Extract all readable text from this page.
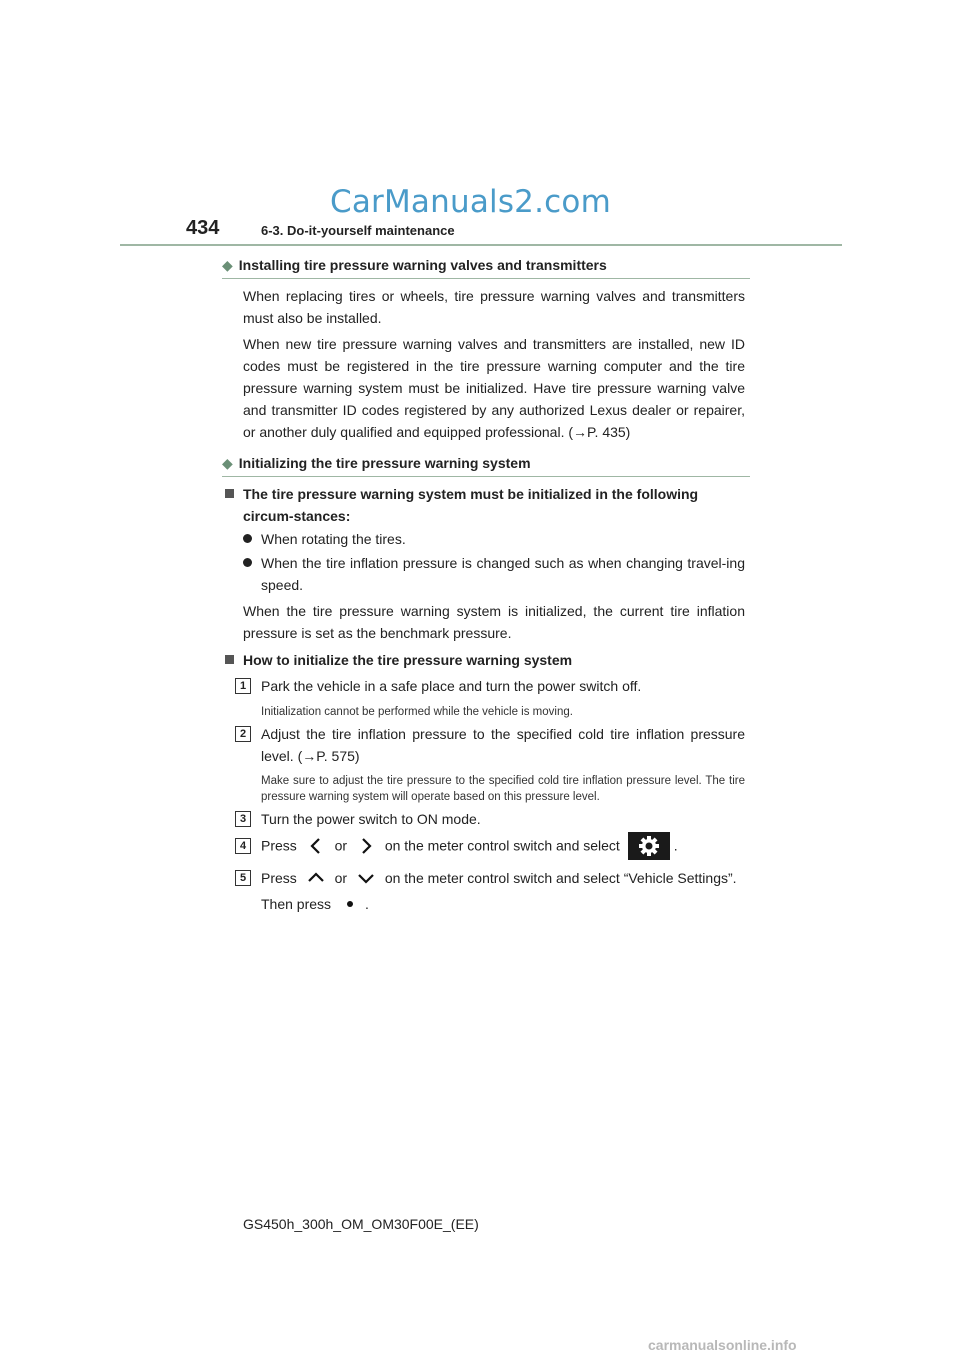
CarManuals2.com
434	6-3. Do-it-yourself maintenance
◆ Installing tire pressure warning valves and transmitters
When replacing tires or wheels, tire pressure warning valves and transmitters must also be installed.
When new tire pressure warning valves and transmitters are installed, new ID codes must be registered in the tire pressure warning computer and the tire pressure warning system must be initialized. Have tire pressure warning valve and transmitter ID codes registered by any authorized Lexus dealer or repairer, or another duly qualified and equipped professional. (→P. 435)
◆ Initializing the tire pressure warning system
The tire pressure warning system must be initialized in the following circum-stances:
When rotating the tires.
When the tire inflation pressure is changed such as when changing travel-ing speed.
When the tire pressure warning system is initialized, the current tire inflation pressure is set as the benchmark pressure.
How to initialize the tire pressure warning system
1	Park the vehicle in a safe place and turn the power switch off.
Initialization cannot be performed while the vehicle is moving.
2	Adjust the tire inflation pressure to the specified cold tire inflation pressure level. (→P. 575)
Make sure to adjust the tire pressure to the specified cold tire inflation pressure level. The tire pressure warning system will operate based on this pressure level.
3	Turn the power switch to ON mode.
4	Press	or	on the meter control switch and select	.
5	Press	or	on the meter control switch and select “Vehicle Settings”.
Then press .
GS450h_300h_OM_OM30F00E_(EE)
carmanualsonline.info
